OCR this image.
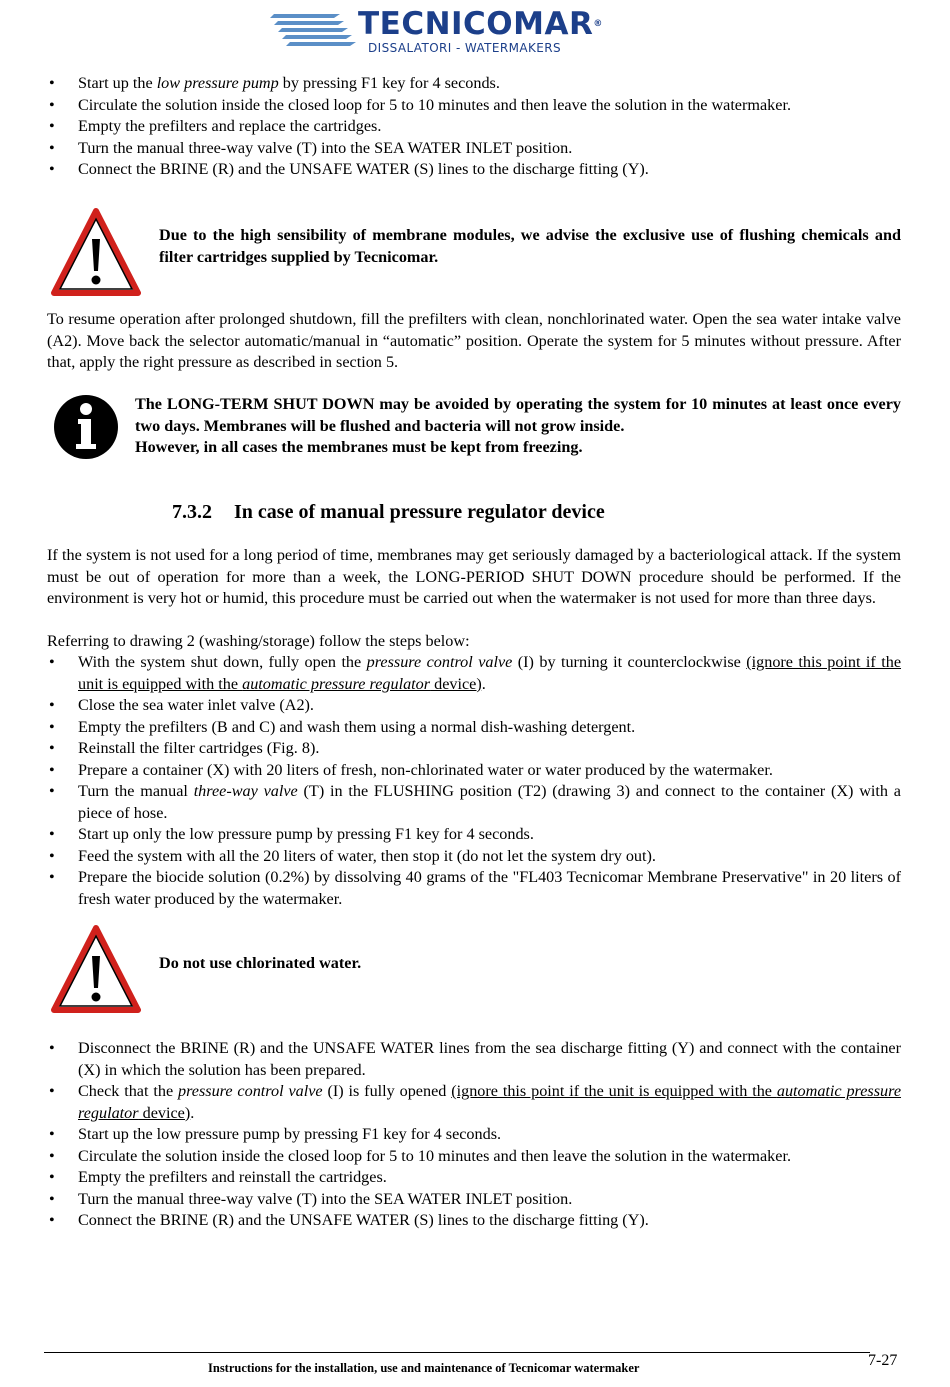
TECNICOMAR®
DISSALATORI - WATERMAKERS
• Start up the low pressure pump by pressing F1 key for 4 seconds.
• Circulate the solution inside the closed loop for 5 to 10 minutes and then leave the solution in the watermaker.
• Empty the prefilters and replace the cartridges.
• Turn the manual three-way valve (T) into the SEA WATER INLET position.
• Connect the BRINE (R) and the UNSAFE WATER (S) lines to the discharge fitting (Y).
Due to the high sensibility of membrane modules, we advise the exclusive use of flushing chemicals and filter cartridges supplied by Tecnicomar.

To resume operation after prolonged shutdown, fill the prefilters with clean, nonchlorinated water. Open the sea water intake valve (A2). Move back the selector automatic/manual in “automatic” position. Operate the system for 5 minutes without pressure. After that, apply the right pressure as described in section 5.

The LONG-TERM SHUT DOWN may be avoided by operating the system for 10 minutes at least once every two days. Membranes will be flushed and bacteria will not grow inside.
However, in all cases the membranes must be kept from freezing.
7.3.2 In case of manual pressure regulator device

If the system is not used for a long period of time, membranes may get seriously damaged by a bacteriological attack. If the system must be out of operation for more than a week, the LONG-PERIOD SHUT DOWN procedure should be performed. If the environment is very hot or humid, this procedure must be carried out when the watermaker is not used for more than three days.

Referring to drawing 2 (washing/storage) follow the steps below:

• With the system shut down, fully open the pressure control valve (I) by turning it counterclockwise (ignore this point if the unit is equipped with the automatic pressure regulator device).
• Close the sea water inlet valve (A2).
• Empty the prefilters (B and C) and wash them using a normal dish-washing detergent.
• Reinstall the filter cartridges (Fig. 8).
• Prepare a container (X) with 20 liters of fresh, non-chlorinated water or water produced by the watermaker.
• Turn the manual three-way valve (T) in the FLUSHING position (T2) (drawing 3) and connect to the container (X) with a piece of hose.
• Start up only the low pressure pump by pressing F1 key for 4 seconds.
• Feed the system with all the 20 liters of water, then stop it (do not let the system dry out).
• Prepare the biocide solution (0.2%) by dissolving 40 grams of the "FL403 Tecnicomar Membrane Preservative" in 20 liters of fresh water produced by the watermaker.
Do not use chlorinated water.
• Disconnect the BRINE (R) and the UNSAFE WATER lines from the sea discharge fitting (Y) and connect with the container (X) in which the solution has been prepared.
• Check that the pressure control valve (I) is fully opened (ignore this point if the unit is equipped with the automatic pressure regulator device).
• Start up the low pressure pump by pressing F1 key for 4 seconds.
• Circulate the solution inside the closed loop for 5 to 10 minutes and then leave the solution in the watermaker.
• Empty the prefilters and reinstall the cartridges.
• Turn the manual three-way valve (T) into the SEA WATER INLET position.
• Connect the BRINE (R) and the UNSAFE WATER (S) lines to the discharge fitting (Y).
Instructions for the installation, use and maintenance of Tecnicomar watermaker	7-27
